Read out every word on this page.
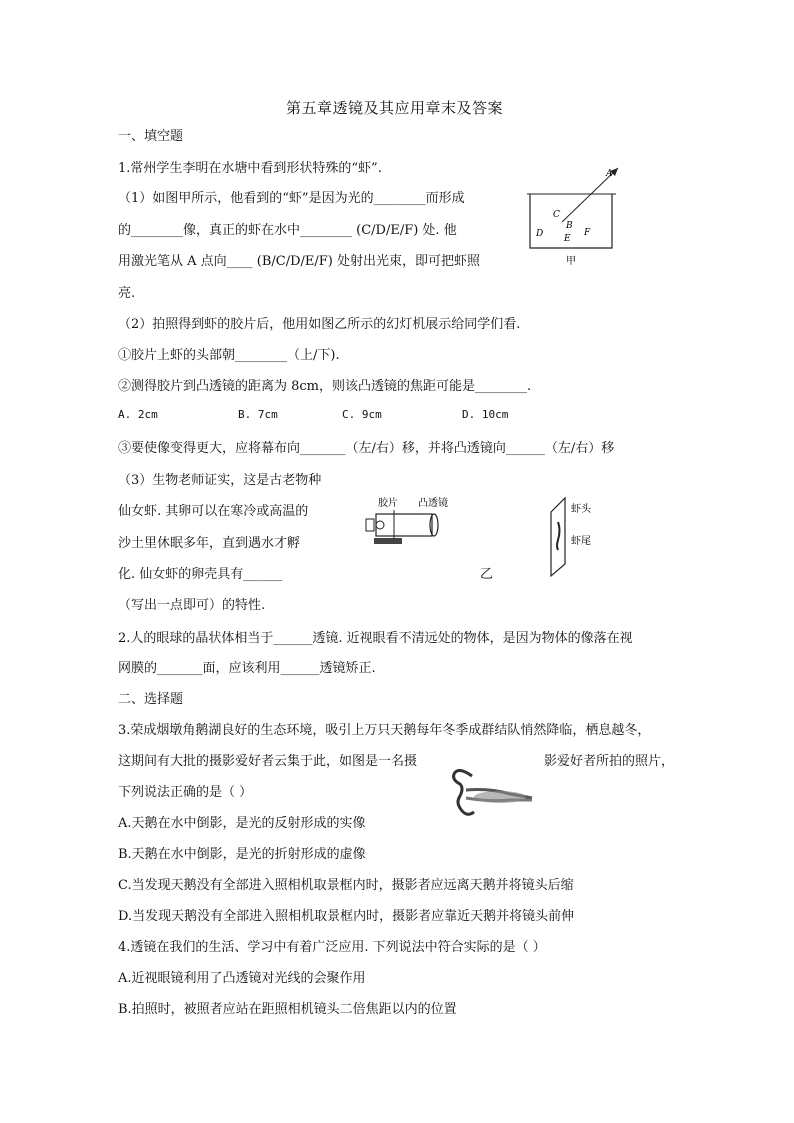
第五章透镜及其应用章末及答案
一、填空题
1.常州学生李明在水塘中看到形状特殊的“虾”.
（1）如图甲所示，他看到的“虾”是因为光的________而形成
的________像，真正的虾在水中________ (C/D/E/F) 处. 他
用激光笔从 A 点向____ (B/C/D/E/F) 处射出光束，即可把虾照
亮.
A
C
B
D E
F
甲
（2）拍照得到虾的胶片后，他用如图乙所示的幻灯机展示给同学们看.
①胶片上虾的头部朝________（上/下).
②测得胶片到凸透镜的距离为 8cm，则该凸透镜的焦距可能是________.
A. 2cm	B. 7cm	C. 9cm	D. 10cm
③要使像变得更大，应将幕布向_______（左/右）移，并将凸透镜向______（左/右）移
（3）生物老师证实，这是古老物种
仙女虾. 其卵可以在寒冷或高温的
沙土里休眠多年，直到遇水才孵
化. 仙女虾的卵壳具有______
（写出一点即可）的特性.
胶片 凸透镜
虾头
虾尾
乙
2.人的眼球的晶状体相当于______透镜. 近视眼看不清远处的物体，是因为物体的像落在视
网膜的_______面，应该利用______透镜矫正.
二、选择题
3.荣成烟墩角鹅湖良好的生态环境，吸引上万只天鹅每年冬季成群结队悄然降临，栖息越冬，
这期间有大批的摄影爱好者云集于此，如图是一名摄	影爱好者所拍的照片，
下列说法正确的是（ ）
A.天鹅在水中倒影，是光的反射形成的实像
B.天鹅在水中倒影，是光的折射形成的虚像
C.当发现天鹅没有全部进入照相机取景框内时，摄影者应远离天鹅并将镜头后缩
D.当发现天鹅没有全部进入照相机取景框内时，摄影者应靠近天鹅并将镜头前伸
4.透镜在我们的生活、学习中有着广泛应用. 下列说法中符合实际的是（ ）
A.近视眼镜利用了凸透镜对光线的会聚作用
B.拍照时，被照者应站在距照相机镜头二倍焦距以内的位置
